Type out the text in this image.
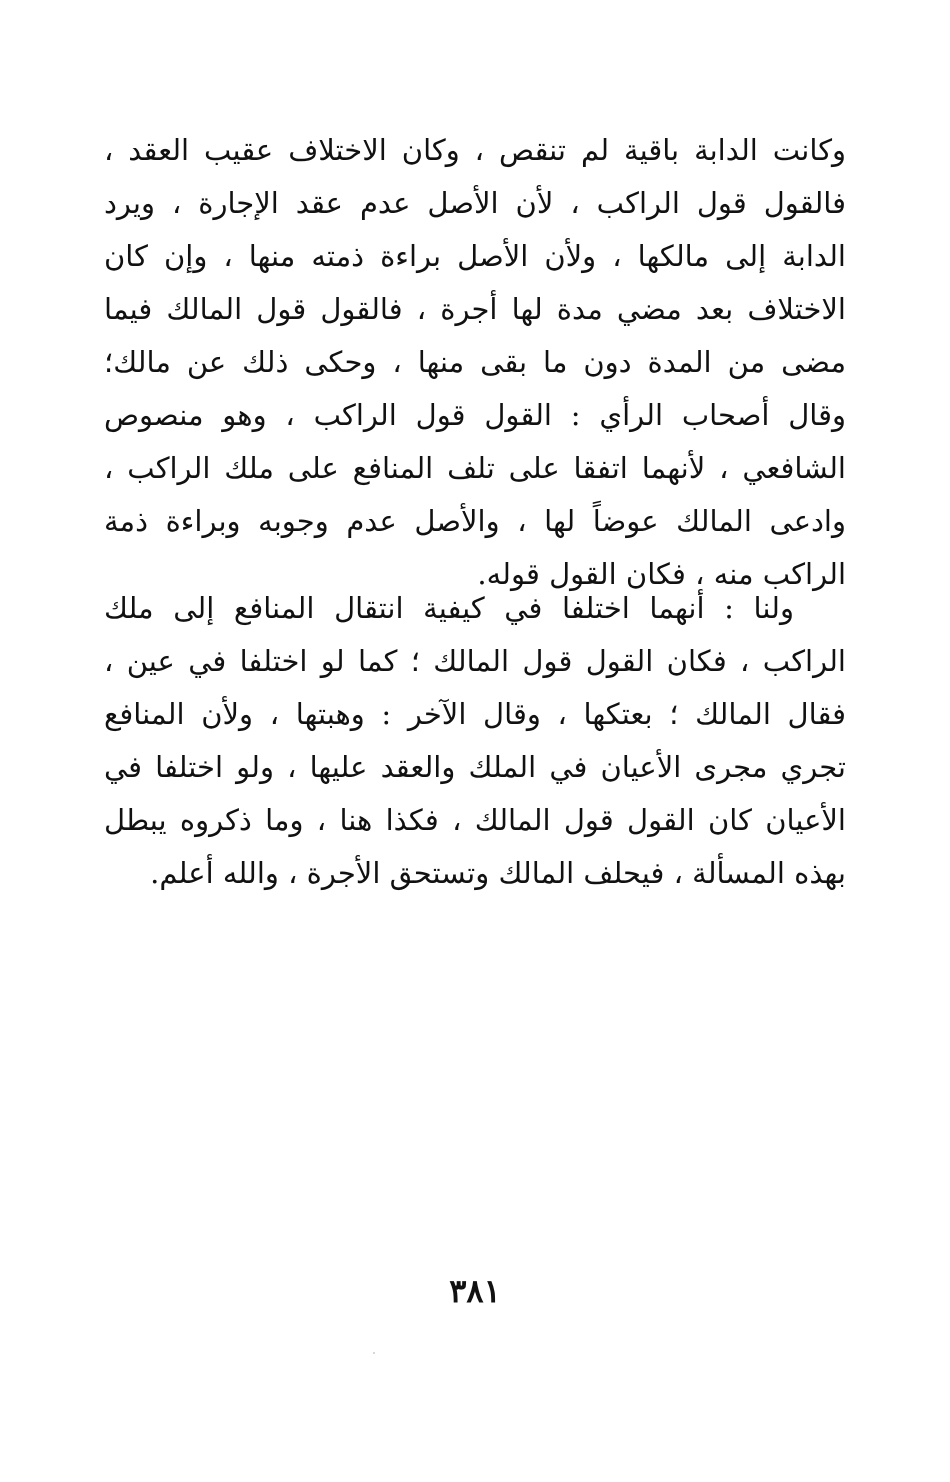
وكانت الدابة باقية لم تنقص ، وكان الاختلاف عقيب العقد ،
فالقول قول الراكب ، لأن الأصل عدم عقد الإجارة ، ويرد
الدابة إلى مالكها ، ولأن الأصل براءة ذمته منها ، وإن كان
الاختلاف بعد مضي مدة لها أجرة ، فالقول قول المالك فيما
مضى من المدة دون ما بقى منها ، وحكى ذلك عن مالك؛
وقال أصحاب الرأي : القول قول الراكب ، وهو منصوص
الشافعي ، لأنهما اتفقا على تلف المنافع على ملك الراكب ،
وادعى المالك عوضاً لها ، والأصل عدم وجوبه وبراءة ذمة
الراكب منه ، فكان القول قوله.
ولنا : أنهما اختلفا في كيفية انتقال المنافع إلى ملك
الراكب ، فكان القول قول المالك ؛ كما لو اختلفا في عين ،
فقال المالك ؛ بعتكها ، وقال الآخر : وهبتها ، ولأن المنافع
تجري مجرى الأعيان في الملك والعقد عليها ، ولو اختلفا في
الأعيان كان القول قول المالك ، فكذا هنا ، وما ذكروه يبطل
بهذه المسألة ، فيحلف المالك وتستحق الأجرة ، والله أعلم.
٣٨١
